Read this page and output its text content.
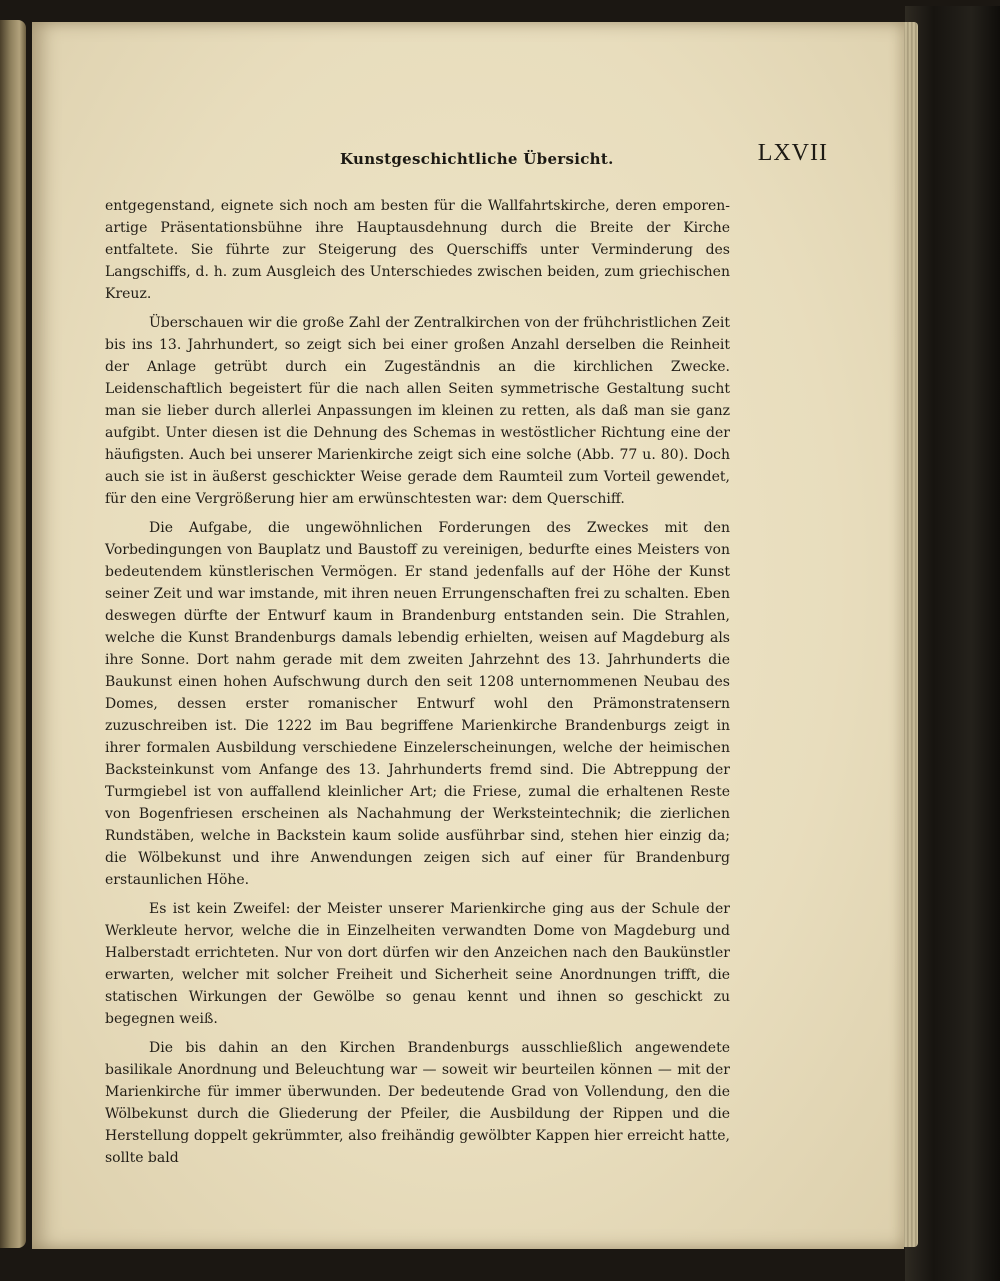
Kunstgeschichtliche Übersicht.	LXVII

entgegenstand, eignete sich noch am besten für die Wallfahrtskirche, deren emporen-artige Präsentationsbühne ihre Hauptausdehnung durch die Breite der Kirche entfaltete. Sie führte zur Steigerung des Querschiffs unter Verminderung des Langschiffs, d. h. zum Ausgleich des Unterschiedes zwischen beiden, zum griechischen Kreuz.

Überschauen wir die große Zahl der Zentralkirchen von der frühchristlichen Zeit bis ins 13. Jahrhundert, so zeigt sich bei einer großen Anzahl derselben die Reinheit der Anlage getrübt durch ein Zugeständnis an die kirchlichen Zwecke. Leidenschaftlich begeistert für die nach allen Seiten symmetrische Gestaltung sucht man sie lieber durch allerlei Anpassungen im kleinen zu retten, als daß man sie ganz aufgibt. Unter diesen ist die Dehnung des Schemas in westöstlicher Richtung eine der häufigsten. Auch bei unserer Marienkirche zeigt sich eine solche (Abb. 77 u. 80). Doch auch sie ist in äußerst geschickter Weise gerade dem Raumteil zum Vorteil gewendet, für den eine Vergrößerung hier am erwünschtesten war: dem Querschiff.

Die Aufgabe, die ungewöhnlichen Forderungen des Zweckes mit den Vorbedingungen von Bauplatz und Baustoff zu vereinigen, bedurfte eines Meisters von bedeutendem künstlerischen Vermögen. Er stand jedenfalls auf der Höhe der Kunst seiner Zeit und war imstande, mit ihren neuen Errungenschaften frei zu schalten. Eben deswegen dürfte der Entwurf kaum in Brandenburg entstanden sein. Die Strahlen, welche die Kunst Brandenburgs damals lebendig erhielten, weisen auf Magdeburg als ihre Sonne. Dort nahm gerade mit dem zweiten Jahrzehnt des 13. Jahrhunderts die Baukunst einen hohen Aufschwung durch den seit 1208 unternommenen Neubau des Domes, dessen erster romanischer Entwurf wohl den Prämonstratensern zuzuschreiben ist. Die 1222 im Bau begriffene Marienkirche Brandenburgs zeigt in ihrer formalen Ausbildung verschiedene Einzelerscheinungen, welche der heimischen Backsteinkunst vom Anfange des 13. Jahrhunderts fremd sind. Die Abtreppung der Turmgiebel ist von auffallend kleinlicher Art; die Friese, zumal die erhaltenen Reste von Bogenfriesen erscheinen als Nachahmung der Werksteintechnik; die zierlichen Rundstäben, welche in Backstein kaum solide ausführbar sind, stehen hier einzig da; die Wölbekunst und ihre Anwendungen zeigen sich auf einer für Brandenburg erstaunlichen Höhe.

Es ist kein Zweifel: der Meister unserer Marienkirche ging aus der Schule der Werkleute hervor, welche die in Einzelheiten verwandten Dome von Magdeburg und Halberstadt errichteten. Nur von dort dürfen wir den Anzeichen nach den Baukünstler erwarten, welcher mit solcher Freiheit und Sicherheit seine Anordnungen trifft, die statischen Wirkungen der Gewölbe so genau kennt und ihnen so geschickt zu begegnen weiß.

Die bis dahin an den Kirchen Brandenburgs ausschließlich angewendete basilikale Anordnung und Beleuchtung war — soweit wir beurteilen können — mit der Marienkirche für immer überwunden. Der bedeutende Grad von Vollendung, den die Wölbekunst durch die Gliederung der Pfeiler, die Ausbildung der Rippen und die Herstellung doppelt gekrümmter, also freihändig gewölbter Kappen hier erreicht hatte, sollte bald
